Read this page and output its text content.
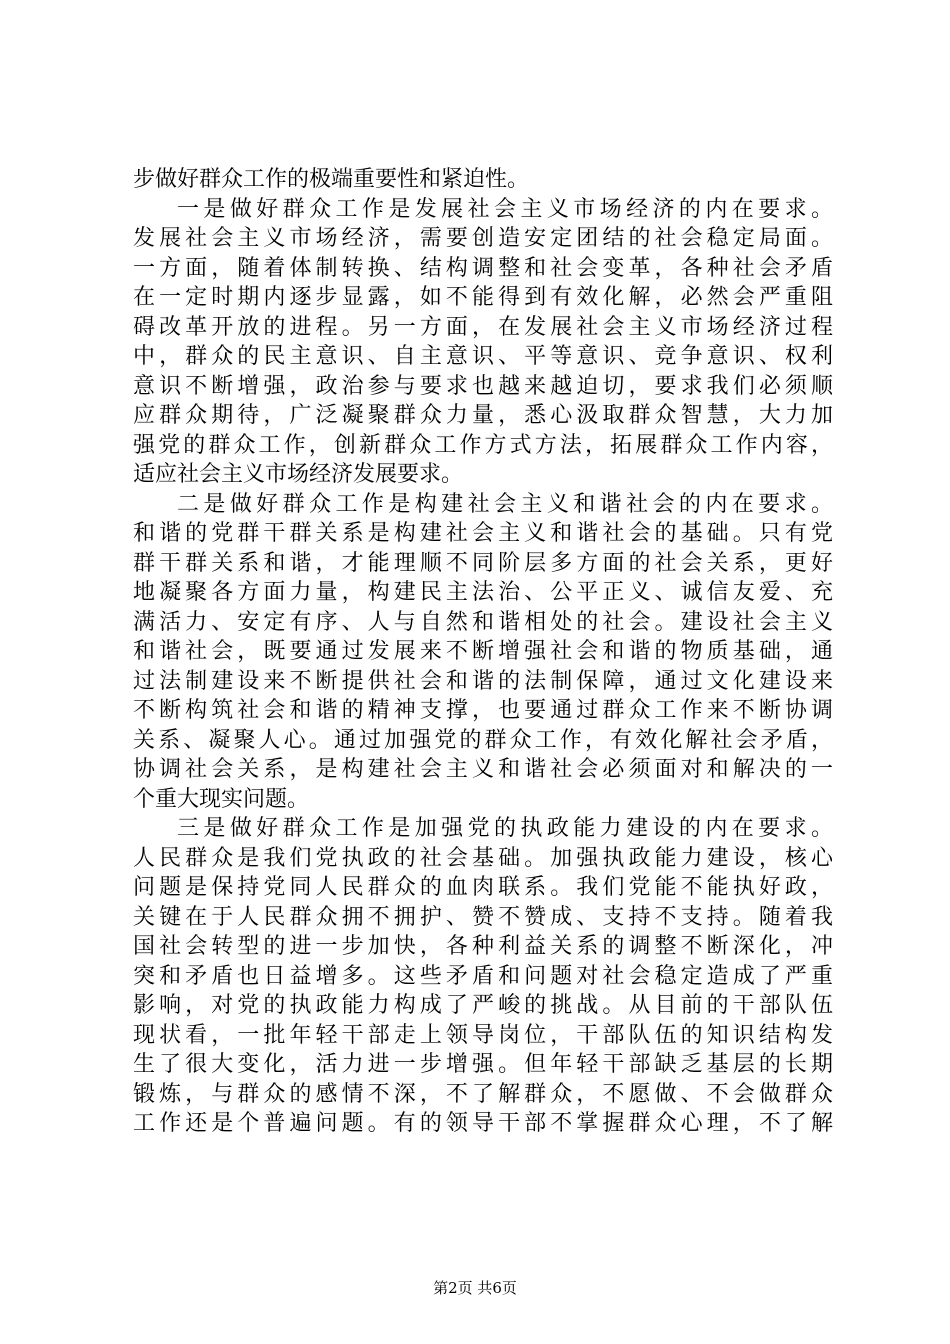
步做好群众工作的极端重要性和紧迫性。
一是做好群众工作是发展社会主义市场经济的内在要求。
发展社会主义市场经济，需要创造安定团结的社会稳定局面。
一方面，随着体制转换、结构调整和社会变革，各种社会矛盾
在一定时期内逐步显露，如不能得到有效化解，必然会严重阻
碍改革开放的进程。另一方面，在发展社会主义市场经济过程
中，群众的民主意识、自主意识、平等意识、竞争意识、权利
意识不断增强，政治参与要求也越来越迫切，要求我们必须顺
应群众期待，广泛凝聚群众力量，悉心汲取群众智慧，大力加
强党的群众工作，创新群众工作方式方法，拓展群众工作内容，
适应社会主义市场经济发展要求。
二是做好群众工作是构建社会主义和谐社会的内在要求。
和谐的党群干群关系是构建社会主义和谐社会的基础。只有党
群干群关系和谐，才能理顺不同阶层多方面的社会关系，更好
地凝聚各方面力量，构建民主法治、公平正义、诚信友爱、充
满活力、安定有序、人与自然和谐相处的社会。建设社会主义
和谐社会，既要通过发展来不断增强社会和谐的物质基础，通
过法制建设来不断提供社会和谐的法制保障，通过文化建设来
不断构筑社会和谐的精神支撑，也要通过群众工作来不断协调
关系、凝聚人心。通过加强党的群众工作，有效化解社会矛盾，
协调社会关系，是构建社会主义和谐社会必须面对和解决的一
个重大现实问题。
三是做好群众工作是加强党的执政能力建设的内在要求。
人民群众是我们党执政的社会基础。加强执政能力建设，核心
问题是保持党同人民群众的血肉联系。我们党能不能执好政，
关键在于人民群众拥不拥护、赞不赞成、支持不支持。随着我
国社会转型的进一步加快，各种利益关系的调整不断深化，冲
突和矛盾也日益增多。这些矛盾和问题对社会稳定造成了严重
影响，对党的执政能力构成了严峻的挑战。从目前的干部队伍
现状看，一批年轻干部走上领导岗位，干部队伍的知识结构发
生了很大变化，活力进一步增强。但年轻干部缺乏基层的长期
锻炼，与群众的感情不深，不了解群众，不愿做、不会做群众
工作还是个普遍问题。有的领导干部不掌握群众心理，不了解
第2页 共6页
